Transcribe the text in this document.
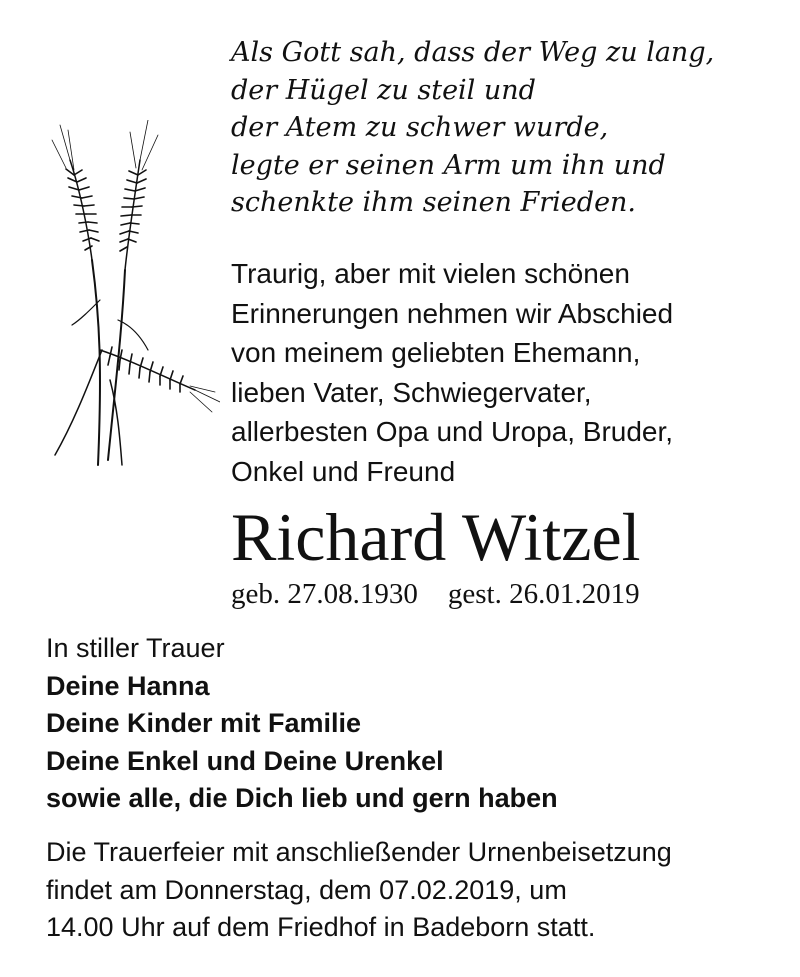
Als Gott sah, dass der Weg zu lang,
der Hügel zu steil und
der Atem zu schwer wurde,
legte er seinen Arm um ihn und
schenkte ihm seinen Frieden.
Traurig, aber mit vielen schönen
Erinnerungen nehmen wir Abschied
von meinem geliebten Ehemann,
lieben Vater, Schwiegervater,
allerbesten Opa und Uropa, Bruder,
Onkel und Freund
Richard Witzel
geb. 27.08.1930 gest. 26.01.2019
In stiller Trauer
Deine Hanna
Deine Kinder mit Familie
Deine Enkel und Deine Urenkel
sowie alle, die Dich lieb und gern haben
Die Trauerfeier mit anschließender Urnenbeisetzung
findet am Donnerstag, dem 07.02.2019, um
14.00 Uhr auf dem Friedhof in Badeborn statt.
